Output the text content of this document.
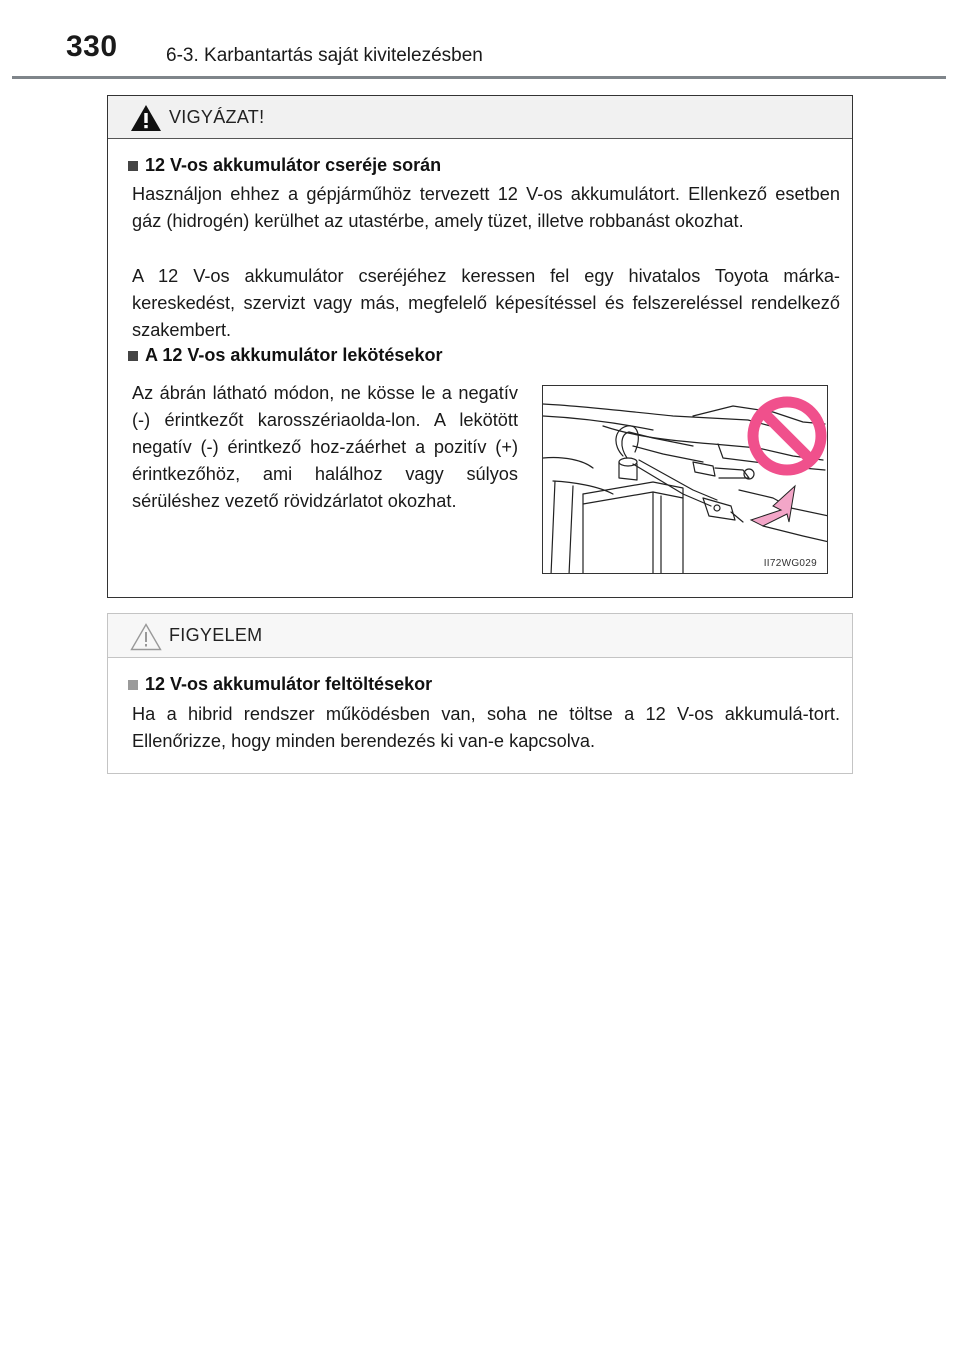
330	6-3. Karbantartás saját kivitelezésben
VIGYÁZAT!
12 V-os akkumulátor cseréje során
Használjon ehhez a gépjárműhöz tervezett 12 V-os akkumulátort. Ellenkező esetben gáz (hidrogén) kerülhet az utastérbe, amely tüzet, illetve robbanást okozhat.
A 12 V-os akkumulátor cseréjéhez keressen fel egy hivatalos Toyota márka-kereskedést, szervizt vagy más, megfelelő képesítéssel és felszereléssel rendelkező szakembert.
A 12 V-os akkumulátor lekötésekor
Az ábrán látható módon, ne kösse le a negatív (-) érintkezőt karosszériaolda-lon. A lekötött negatív (-) érintkező hoz-záérhet a pozitív (+) érintkezőhöz, ami halálhoz vagy súlyos sérüléshez vezető rövidzárlatot okozhat.
II72WG029
FIGYELEM
12 V-os akkumulátor feltöltésekor
Ha a hibrid rendszer működésben van, soha ne töltse a 12 V-os akkumulá-tort. Ellenőrizze, hogy minden berendezés ki van-e kapcsolva.
